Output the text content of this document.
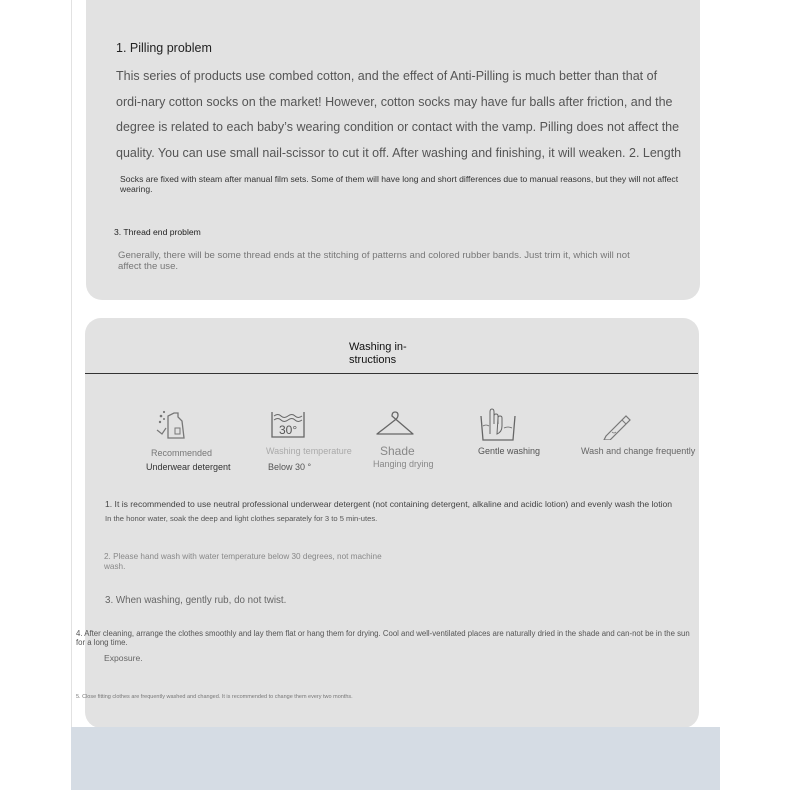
1. Pilling problem
This series of products use combed cotton, and the effect of Anti-Pilling is much better than that of ordi-nary cotton socks on the market! However, cotton socks may have fur balls after friction, and the degree is related to each baby’s wearing condition or contact with the vamp. Pilling does not affect the quality. You can use small nail-scissor to cut it off. After washing and finishing, it will weaken. 2. Length
Socks are fixed with steam after manual film sets. Some of them will have long and short differences due to manual reasons, but they will not affect wearing.
3. Thread end problem
Generally, there will be some thread ends at the stitching of patterns and colored rubber bands. Just trim it, which will not affect the use.
Washing in-structions
Recommended
Underwear detergent
30°
Washing temperature
Below 30 °
Shade
Hanging drying
Gentle washing	Wash and change frequently
1. It is recommended to use neutral professional underwear detergent (not containing detergent, alkaline and acidic lotion) and evenly wash the lotion
In the honor water, soak the deep and light clothes separately for 3 to 5 min-utes.
2. Please hand wash with water temperature below 30 degrees, not machine wash.
3. When washing, gently rub, do not twist.
4. After cleaning, arrange the clothes smoothly and lay them flat or hang them for drying. Cool and well-ventilated places are naturally dried in the shade and can-not be in the sun for a long time.
Exposure.
5. Close fitting clothes are frequently washed and changed. It is recommended to change them every two months.
